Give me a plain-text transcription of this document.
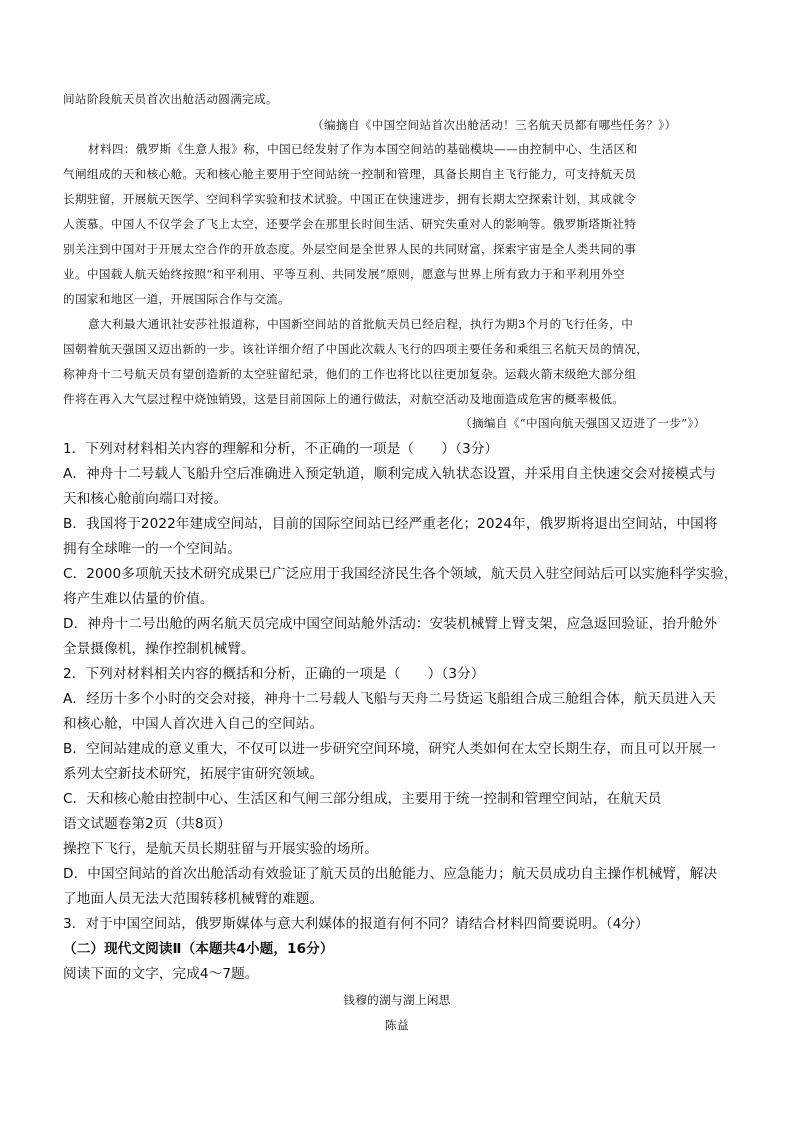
间站阶段航天员首次出舱活动圆满完成。
（编摘自《中国空间站首次出舱活动！三名航天员都有哪些任务？》）
材料四：俄罗斯《生意人报》称，中国已经发射了作为本国空间站的基础模块——由控制中心、生活区和
气闸组成的天和核心舱。天和核心舱主要用于空间站统一控制和管理，具备长期自主飞行能力，可支持航天员
长期驻留，开展航天医学、空间科学实验和技术试验。中国正在快速进步，拥有长期太空探索计划，其成就令
人羡慕。中国人不仅学会了飞上太空，还要学会在那里长时间生活、研究失重对人的影响等。俄罗斯塔斯社特
别关注到中国对于开展太空合作的开放态度。外层空间是全世界人民的共同财富，探索宇宙是全人类共同的事
业。中国载人航天始终按照“和平利用、平等互利、共同发展”原则，愿意与世界上所有致力于和平利用外空
的国家和地区一道，开展国际合作与交流。
意大利最大通讯社安莎社报道称，中国新空间站的首批航天员已经启程，执行为期3个月的飞行任务，中
国朝着航天强国又迈出新的一步。该社详细介绍了中国此次载人飞行的四项主要任务和乘组三名航天员的情况，
称神舟十二号航天员有望创造新的太空驻留纪录，他们的工作也将比以往更加复杂。运载火箭末级绝大部分组
件将在再入大气层过程中烧蚀销毁，这是目前国际上的通行做法，对航空活动及地面造成危害的概率极低。
（摘编自《“中国向航天强国又迈进了一步”》）
1．下列对材料相关内容的理解和分析，不正确的一项是（　　）（3分）
A．神舟十二号载人飞船升空后准确进入预定轨道，顺利完成入轨状态设置，并采用自主快速交会对接模式与
天和核心舱前向端口对接。
B．我国将于2022年建成空间站，目前的国际空间站已经严重老化；2024年，俄罗斯将退出空间站，中国将
拥有全球唯一的一个空间站。
C．2000多项航天技术研究成果已广泛应用于我国经济民生各个领域，航天员入驻空间站后可以实施科学实验，
将产生难以估量的价值。
D．神舟十二号出舱的两名航天员完成中国空间站舱外活动：安装机械臂上臂支架，应急返回验证，抬升舱外
全景摄像机，操作控制机械臂。
2．下列对材料相关内容的概括和分析，正确的一项是（　　）（3分）
A．经历十多个小时的交会对接，神舟十二号载人飞船与天舟二号货运飞船组合成三舱组合体，航天员进入天
和核心舱，中国人首次进入自己的空间站。
B．空间站建成的意义重大，不仅可以进一步研究空间环境，研究人类如何在太空长期生存，而且可以开展一
系列太空新技术研究，拓展宇宙研究领域。
C．天和核心舱由控制中心、生活区和气闸三部分组成，主要用于统一控制和管理空间站，在航天员
语文试题卷第2页（共8页）
操控下飞行，是航天员长期驻留与开展实验的场所。
D．中国空间站的首次出舱活动有效验证了航天员的出舱能力、应急能力；航天员成功自主操作机械臂，解决
了地面人员无法大范围转移机械臂的难题。
3．对于中国空间站，俄罗斯媒体与意大利媒体的报道有何不同？请结合材料四简要说明。（4分）
（二）现代文阅读Ⅱ（本题共4小题，16分）
阅读下面的文字，完成4～7题。
钱穆的湖与湖上闲思
陈益
